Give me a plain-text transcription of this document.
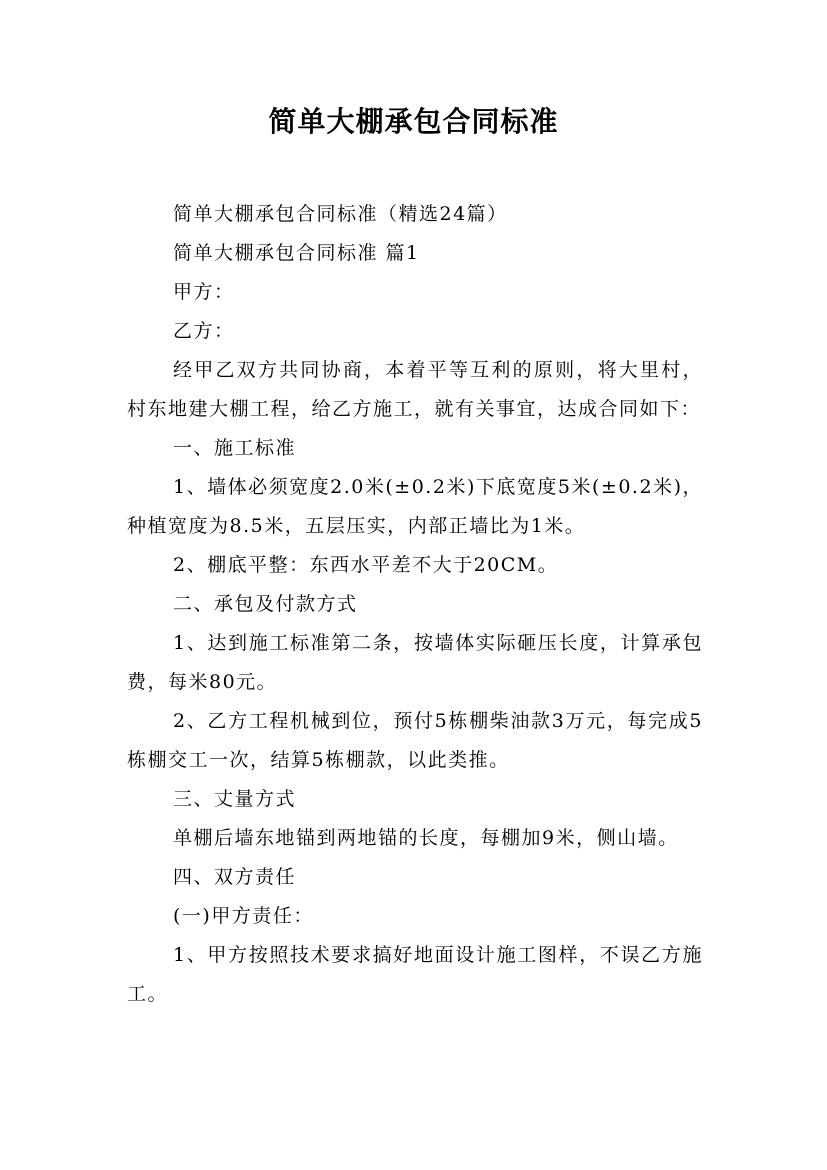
简单大棚承包合同标准

简单大棚承包合同标准（精选24篇）

简单大棚承包合同标准 篇1

甲方：

乙方：

经甲乙双方共同协商，本着平等互利的原则，将大里村，村东地建大棚工程，给乙方施工，就有关事宜，达成合同如下：

一、施工标准

1、墙体必须宽度2.0米(±0.2米)下底宽度5米(±0.2米)，种植宽度为8.5米，五层压实，内部正墙比为1米。

2、棚底平整：东西水平差不大于20CM。

二、承包及付款方式

1、达到施工标准第二条，按墙体实际砸压长度，计算承包费，每米80元。

2、乙方工程机械到位，预付5栋棚柴油款3万元，每完成5栋棚交工一次，结算5栋棚款，以此类推。

三、丈量方式

单棚后墙东地锚到两地锚的长度，每棚加9米，侧山墙。

四、双方责任

(一)甲方责任：

1、甲方按照技术要求搞好地面设计施工图样，不误乙方施工。
